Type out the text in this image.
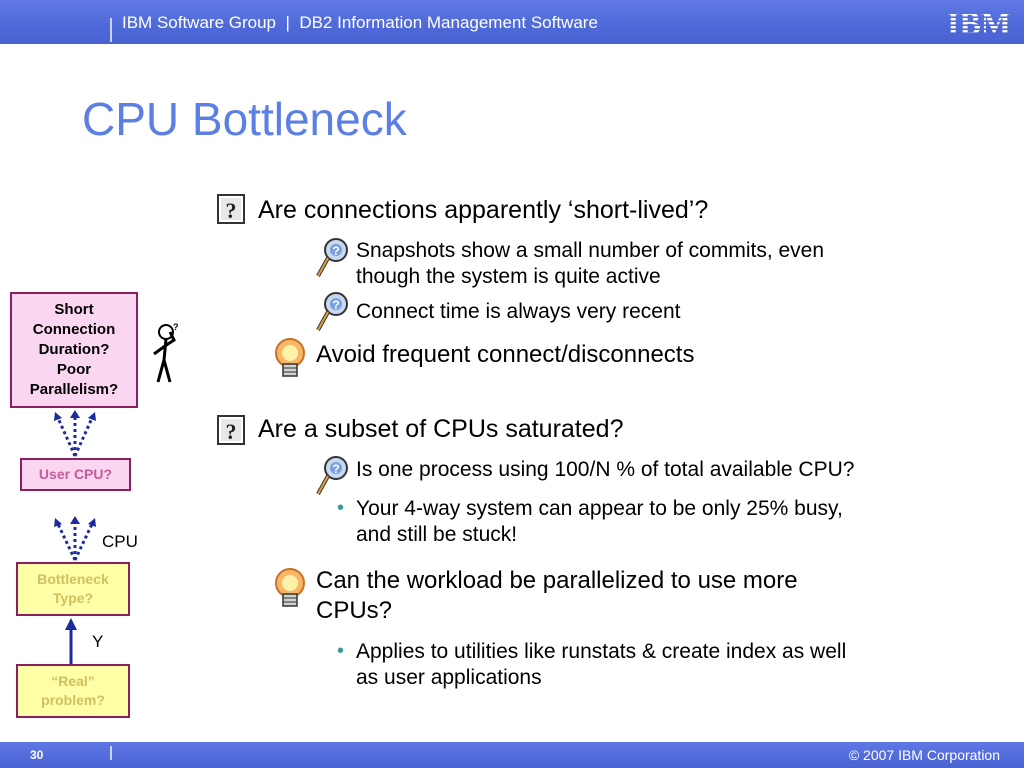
IBM Software Group  |  DB2 Information Management Software	IBM
CPU Bottleneck
? Are connections apparently ‘short-lived’?
? Snapshots show a small number of commits, even
though the system is quite active
? Connect time is always very recent
Avoid frequent connect/disconnects
? Are a subset of CPUs saturated?
? Is one process using 100/N % of total available CPU?
• Your 4-way system can appear to be only 25% busy,
and still be stuck!
Can the workload be parallelized to use more
CPUs?
• Applies to utilities like runstats & create index as well
as user applications
Short
Connection
Duration?
Poor
Parallelism?
?
User CPU?
CPU
Bottleneck
Type?
Y
“Real”
problem?
30	© 2007 IBM Corporation
